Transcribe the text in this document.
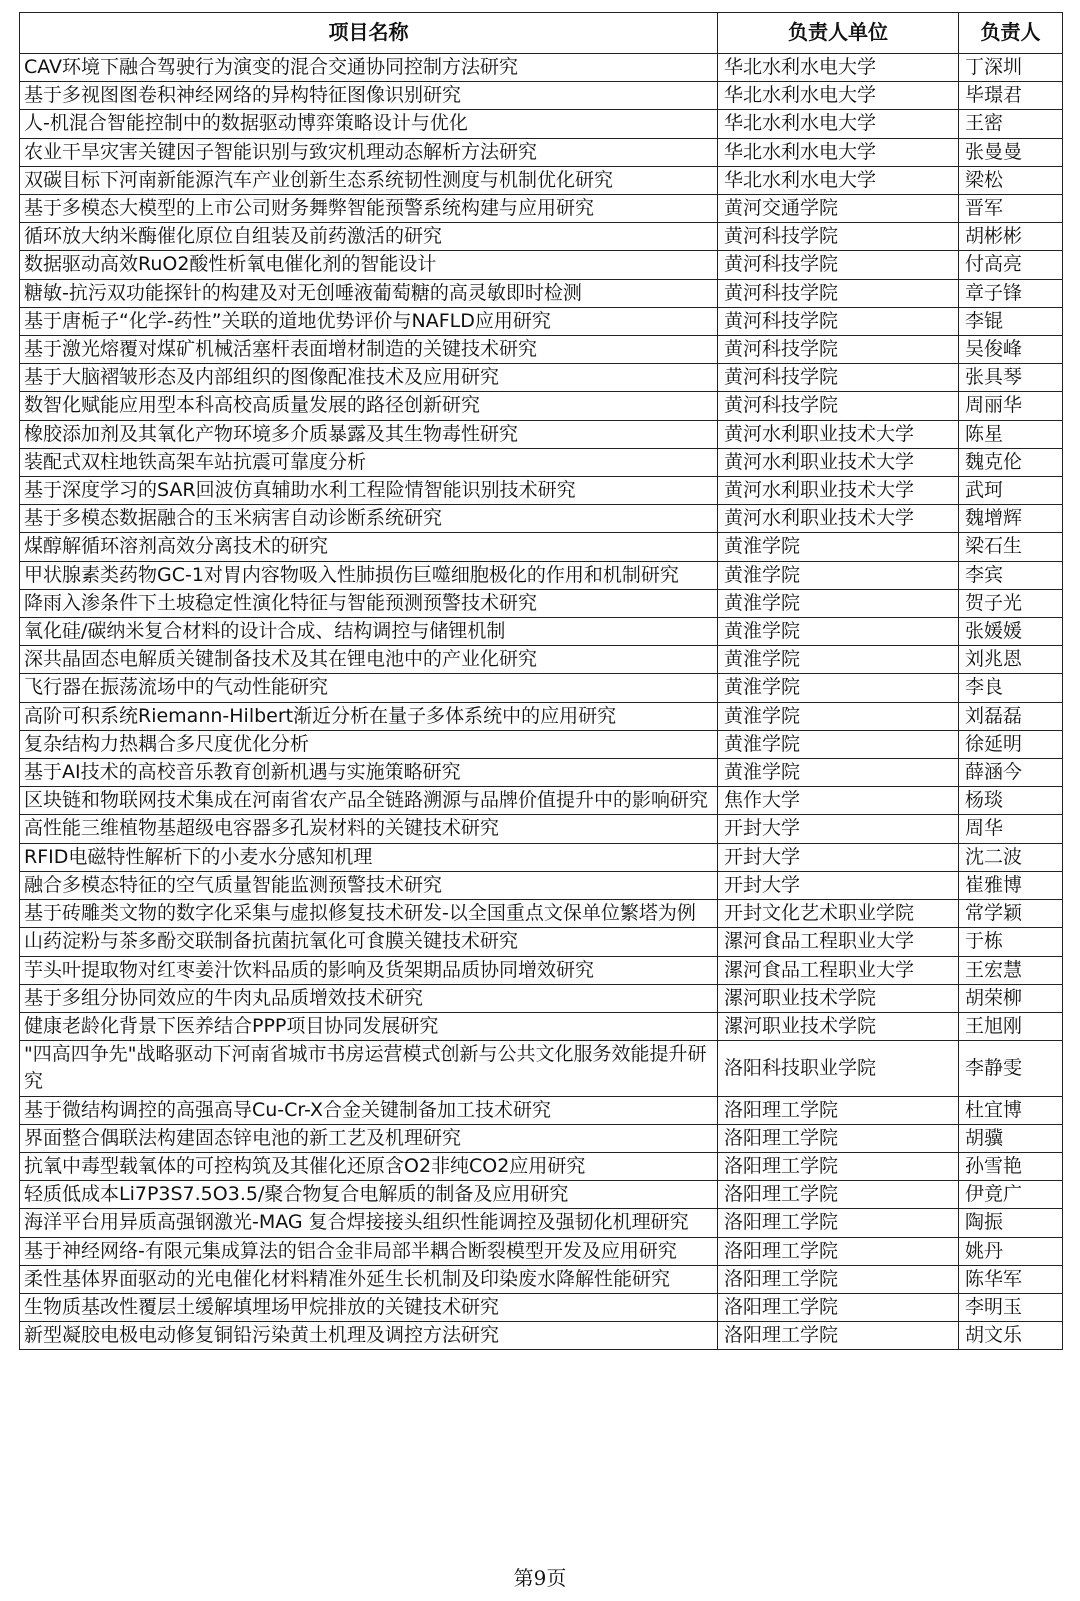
项目名称	负责人单位	负责人
CAV环境下融合驾驶行为演变的混合交通协同控制方法研究	华北水利水电大学	丁深圳
基于多视图图卷积神经网络的异构特征图像识别研究	华北水利水电大学	毕璟君
人-机混合智能控制中的数据驱动博弈策略设计与优化	华北水利水电大学	王密
农业干旱灾害关键因子智能识别与致灾机理动态解析方法研究	华北水利水电大学	张曼曼
双碳目标下河南新能源汽车产业创新生态系统韧性测度与机制优化研究	华北水利水电大学	梁松
基于多模态大模型的上市公司财务舞弊智能预警系统构建与应用研究	黄河交通学院	晋军
循环放大纳米酶催化原位自组装及前药激活的研究	黄河科技学院	胡彬彬
数据驱动高效RuO2酸性析氧电催化剂的智能设计	黄河科技学院	付高亮
糖敏-抗污双功能探针的构建及对无创唾液葡萄糖的高灵敏即时检测	黄河科技学院	章子锋
基于唐栀子“化学-药性”关联的道地优势评价与NAFLD应用研究	黄河科技学院	李锟
基于激光熔覆对煤矿机械活塞杆表面增材制造的关键技术研究	黄河科技学院	吴俊峰
基于大脑褶皱形态及内部组织的图像配准技术及应用研究	黄河科技学院	张具琴
数智化赋能应用型本科高校高质量发展的路径创新研究	黄河科技学院	周丽华
橡胶添加剂及其氧化产物环境多介质暴露及其生物毒性研究	黄河水利职业技术大学	陈星
装配式双柱地铁高架车站抗震可靠度分析	黄河水利职业技术大学	魏克伦
基于深度学习的SAR回波仿真辅助水利工程险情智能识别技术研究	黄河水利职业技术大学	武珂
基于多模态数据融合的玉米病害自动诊断系统研究	黄河水利职业技术大学	魏增辉
煤醇解循环溶剂高效分离技术的研究	黄淮学院	梁石生
甲状腺素类药物GC-1对胃内容物吸入性肺损伤巨噬细胞极化的作用和机制研究	黄淮学院	李宾
降雨入渗条件下土坡稳定性演化特征与智能预测预警技术研究	黄淮学院	贺子光
氧化硅/碳纳米复合材料的设计合成、结构调控与储锂机制	黄淮学院	张媛媛
深共晶固态电解质关键制备技术及其在锂电池中的产业化研究	黄淮学院	刘兆恩
飞行器在振荡流场中的气动性能研究	黄淮学院	李良
高阶可积系统Riemann-Hilbert渐近分析在量子多体系统中的应用研究	黄淮学院	刘磊磊
复杂结构力热耦合多尺度优化分析	黄淮学院	徐延明
基于AI技术的高校音乐教育创新机遇与实施策略研究	黄淮学院	薛涵今
区块链和物联网技术集成在河南省农产品全链路溯源与品牌价值提升中的影响研究	焦作大学	杨琰
高性能三维植物基超级电容器多孔炭材料的关键技术研究	开封大学	周华
RFID电磁特性解析下的小麦水分感知机理	开封大学	沈二波
融合多模态特征的空气质量智能监测预警技术研究	开封大学	崔雅博
基于砖雕类文物的数字化采集与虚拟修复技术研发-以全国重点文保单位繁塔为例	开封文化艺术职业学院	常学颖
山药淀粉与茶多酚交联制备抗菌抗氧化可食膜关键技术研究	漯河食品工程职业大学	于栋
芋头叶提取物对红枣姜汁饮料品质的影响及货架期品质协同增效研究	漯河食品工程职业大学	王宏慧
基于多组分协同效应的牛肉丸品质增效技术研究	漯河职业技术学院	胡荣柳
健康老龄化背景下医养结合PPP项目协同发展研究	漯河职业技术学院	王旭刚
"四高四争先"战略驱动下河南省城市书房运营模式创新与公共文化服务效能提升研究	洛阳科技职业学院	李静雯
基于微结构调控的高强高导Cu-Cr-X合金关键制备加工技术研究	洛阳理工学院	杜宜博
界面整合偶联法构建固态锌电池的新工艺及机理研究	洛阳理工学院	胡骥
抗氧中毒型载氧体的可控构筑及其催化还原含O2非纯CO2应用研究	洛阳理工学院	孙雪艳
轻质低成本Li7P3S7.5O3.5/聚合物复合电解质的制备及应用研究	洛阳理工学院	伊竟广
海洋平台用异质高强钢激光-MAG 复合焊接接头组织性能调控及强韧化机理研究	洛阳理工学院	陶振
基于神经网络-有限元集成算法的铝合金非局部半耦合断裂模型开发及应用研究	洛阳理工学院	姚丹
柔性基体界面驱动的光电催化材料精准外延生长机制及印染废水降解性能研究	洛阳理工学院	陈华军
生物质基改性覆层土缓解填埋场甲烷排放的关键技术研究	洛阳理工学院	李明玉
新型凝胶电极电动修复铜铅污染黄土机理及调控方法研究	洛阳理工学院	胡文乐
第9页
